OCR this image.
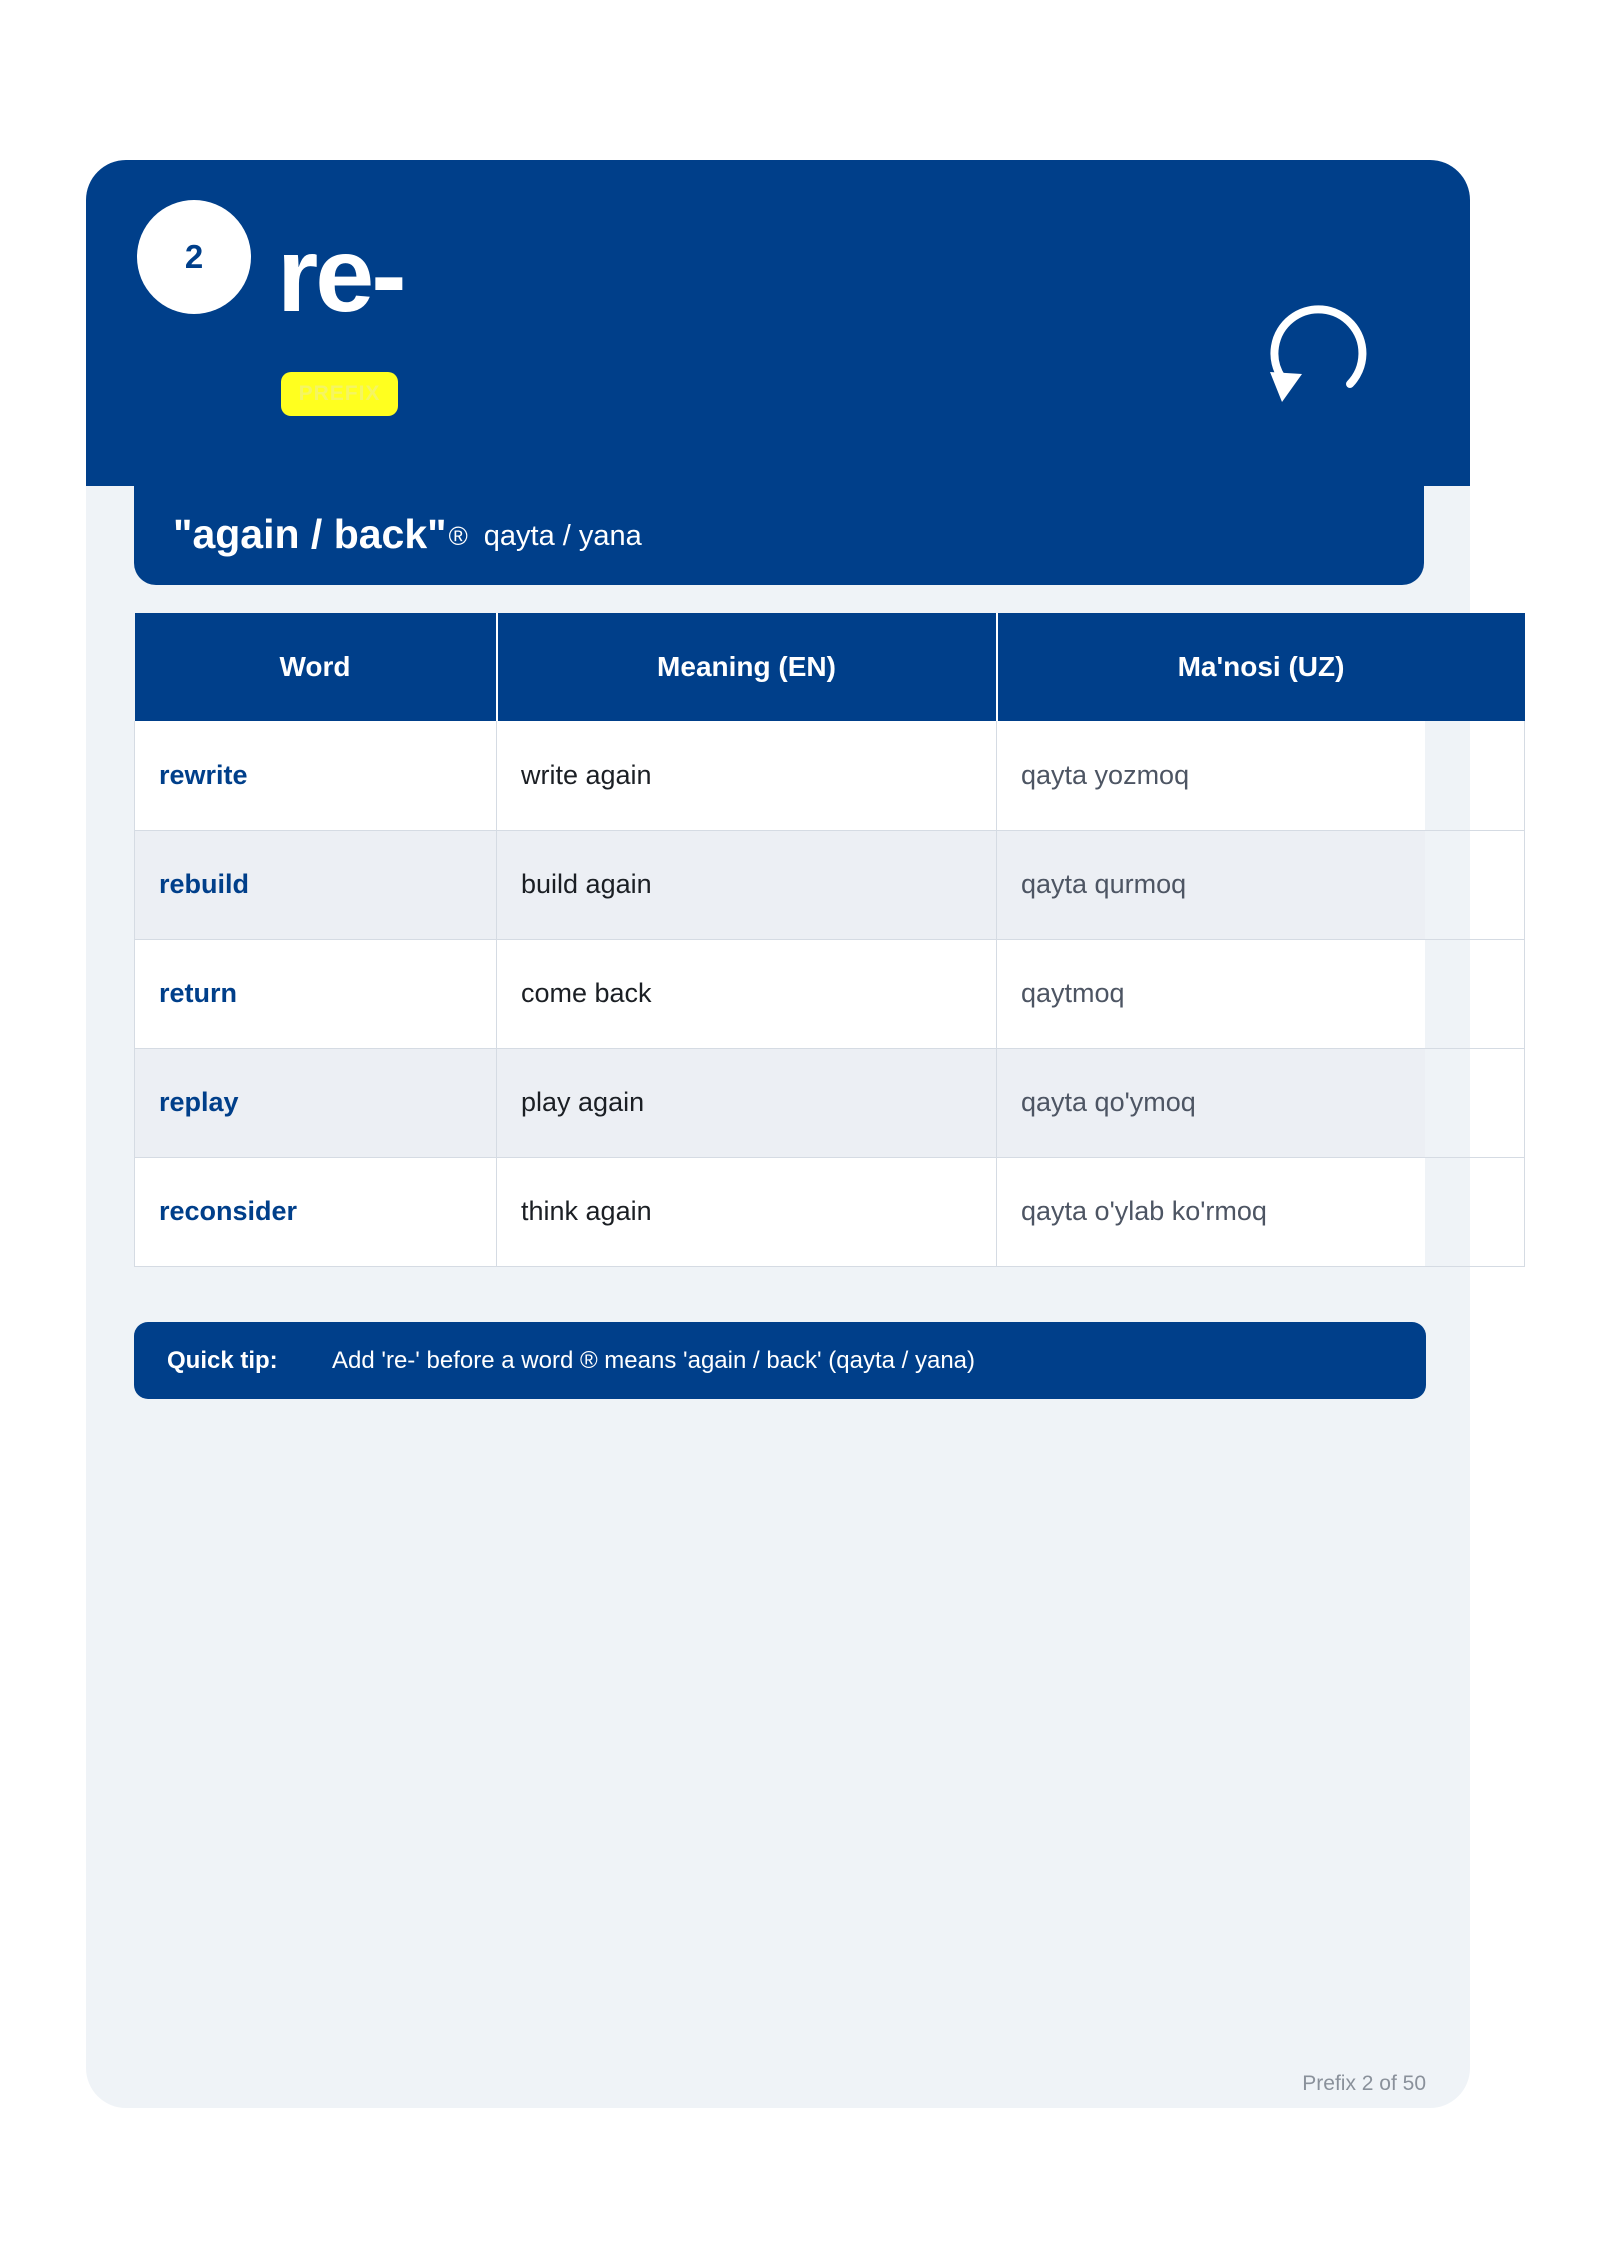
2 re-
PREFIX
"again / back" ® qayta / yana
Word	Meaning (EN)	Ma'nosi (UZ)
rewrite	write again	qayta yozmoq

rebuild	build again	qayta qurmoq

return	come back	qaytmoq

replay	play again	qayta qo'ymoq

reconsider	think again	qayta o'ylab ko'rmoq
Quick tip:	Add 're-' before a word ® means 'again / back' (qayta / yana)
Prefix 2 of 50
